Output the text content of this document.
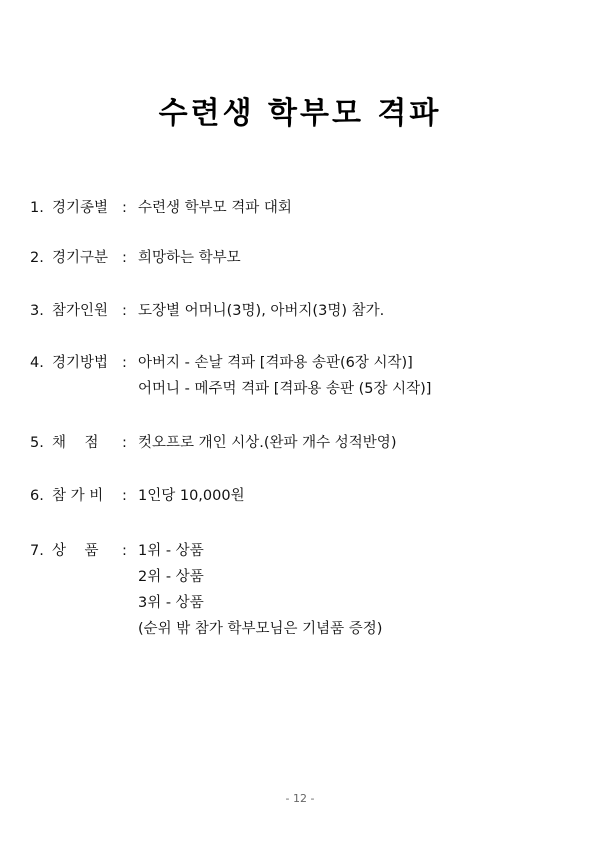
수련생 학부모 격파
1. 경기종별 : 수련생 학부모 격파 대회
2. 경기구분 : 희망하는 학부모
3. 참가인원 : 도장별 어머니(3명), 아버지(3명) 참가.
4. 경기방법 : 아버지 - 손날 격파 [격파용 송판(6장 시작)]
어머니 - 메주먹 격파 [격파용 송판 (5장 시작)]
5. 채    점 : 컷오프로 개인 시상.(완파 개수 성적반영)
6. 참 가 비 : 1인당 10,000원
7. 상    품 : 1위 - 상품
2위 - 상품
3위 - 상품
(순위 밖 참가 학부모님은 기념품 증정)
- 12 -
